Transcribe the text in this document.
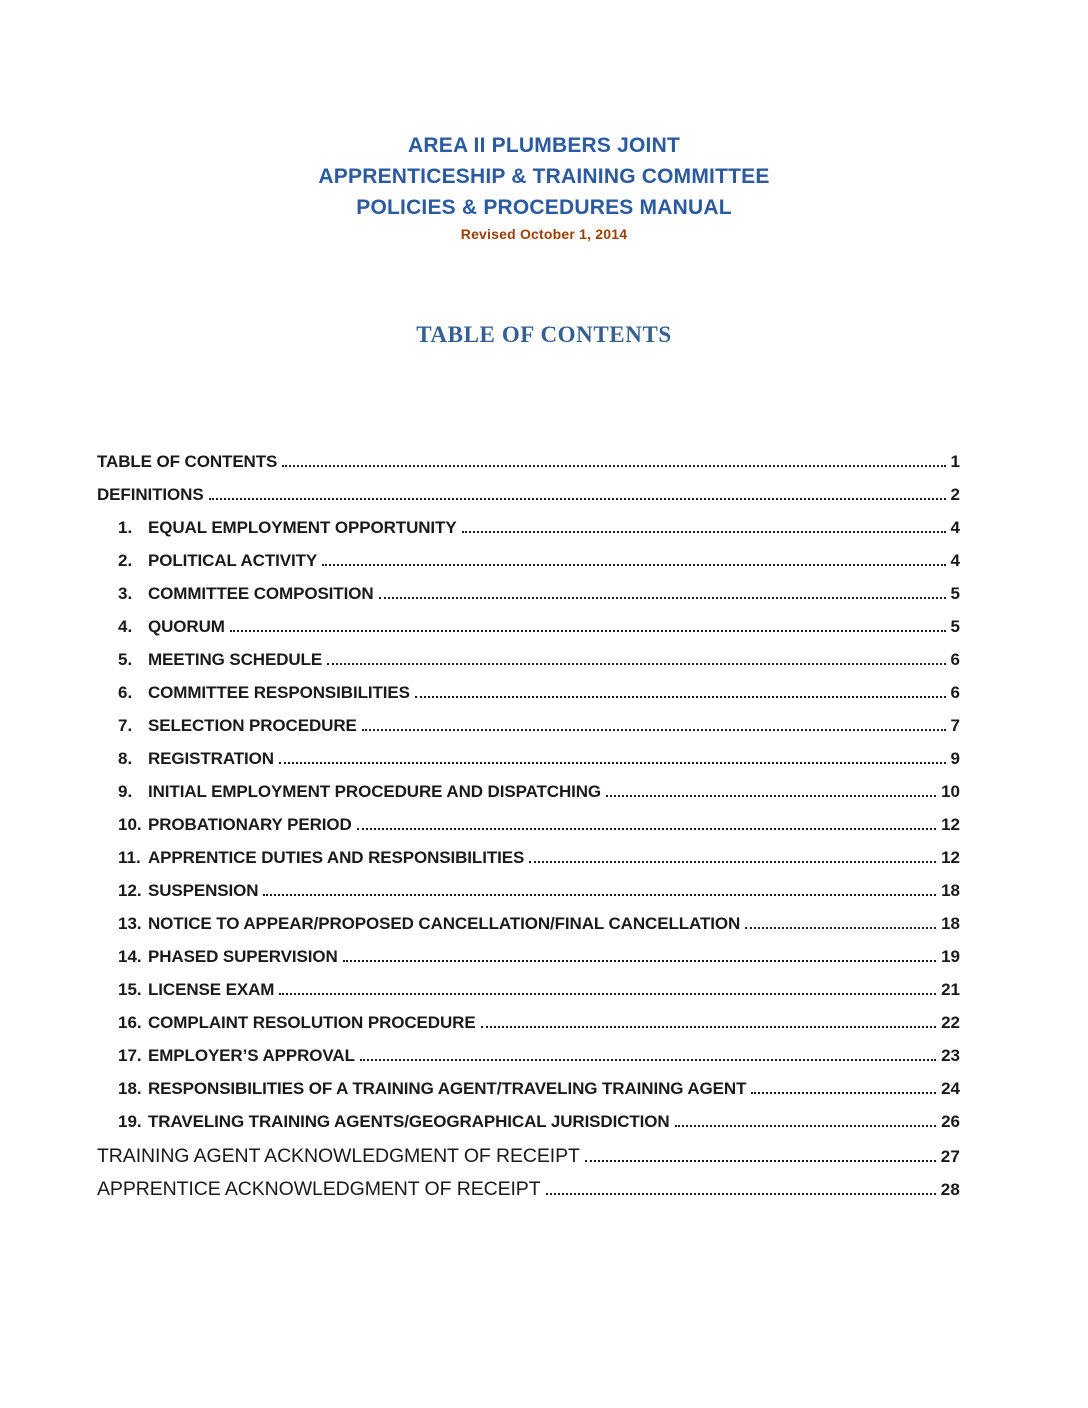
AREA II PLUMBERS JOINT
APPRENTICESHIP & TRAINING COMMITTEE
POLICIES & PROCEDURES MANUAL
Revised October 1, 2014
TABLE OF CONTENTS
TABLE OF CONTENTS	1
DEFINITIONS	2
1. EQUAL EMPLOYMENT OPPORTUNITY	4
2. POLITICAL ACTIVITY	4
3. COMMITTEE COMPOSITION	5
4. QUORUM	5
5. MEETING SCHEDULE	6
6. COMMITTEE RESPONSIBILITIES	6
7. SELECTION PROCEDURE	7
8. REGISTRATION	9
9. INITIAL EMPLOYMENT PROCEDURE AND DISPATCHING	10
10. PROBATIONARY PERIOD	12
11. APPRENTICE DUTIES AND RESPONSIBILITIES	12
12. SUSPENSION	18
13. NOTICE TO APPEAR/PROPOSED CANCELLATION/FINAL CANCELLATION	18
14. PHASED SUPERVISION	19
15. LICENSE EXAM	21
16. COMPLAINT RESOLUTION PROCEDURE	22
17. EMPLOYER’S APPROVAL	23
18. RESPONSIBILITIES OF A TRAINING AGENT/TRAVELING TRAINING AGENT	24
19. TRAVELING TRAINING AGENTS/GEOGRAPHICAL JURISDICTION	26
TRAINING AGENT ACKNOWLEDGMENT OF RECEIPT	27
APPRENTICE ACKNOWLEDGMENT OF RECEIPT	28
